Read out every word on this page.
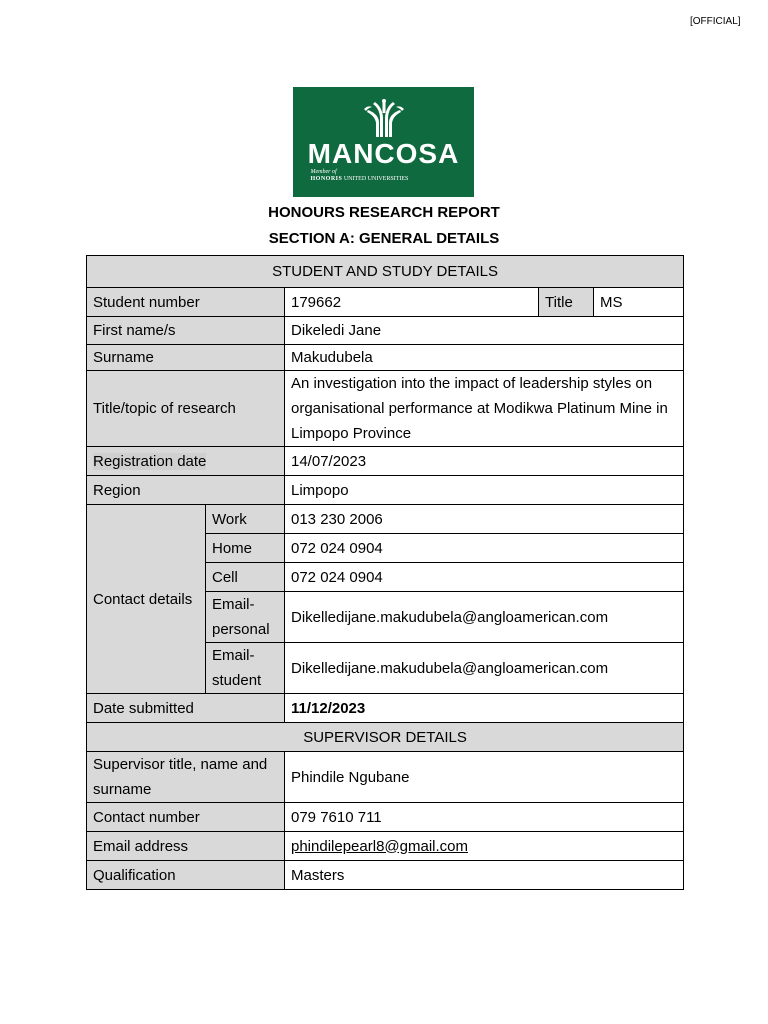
[OFFICIAL]
MANCOSA
Member of
HONORIS UNITED UNIVERSITIES
HONOURS RESEARCH REPORT
SECTION A: GENERAL DETAILS
STUDENT AND STUDY DETAILS				
Student number		179662	Title	MS
First name/s		Dikeledi Jane		
Surname		Makudubela		
Title/topic of research		An investigation into the impact of leadership styles on organisational performance at Modikwa Platinum Mine in Limpopo Province		
Registration date		14/07/2023		
Region		Limpopo		
Contact details	Work	013 230 2006		
	Home	072 024 0904		
	Cell	072 024 0904		
	Email-personal	Dikelledijane.makudubela@angloamerican.com		
	Email-student	Dikelledijane.makudubela@angloamerican.com		
Date submitted		11/12/2023		
SUPERVISOR DETAILS				
Supervisor title, name and surname		Phindile Ngubane		
Contact number		079 7610 711		
Email address		phindilepearl8@gmail.com		
Qualification		Masters		
